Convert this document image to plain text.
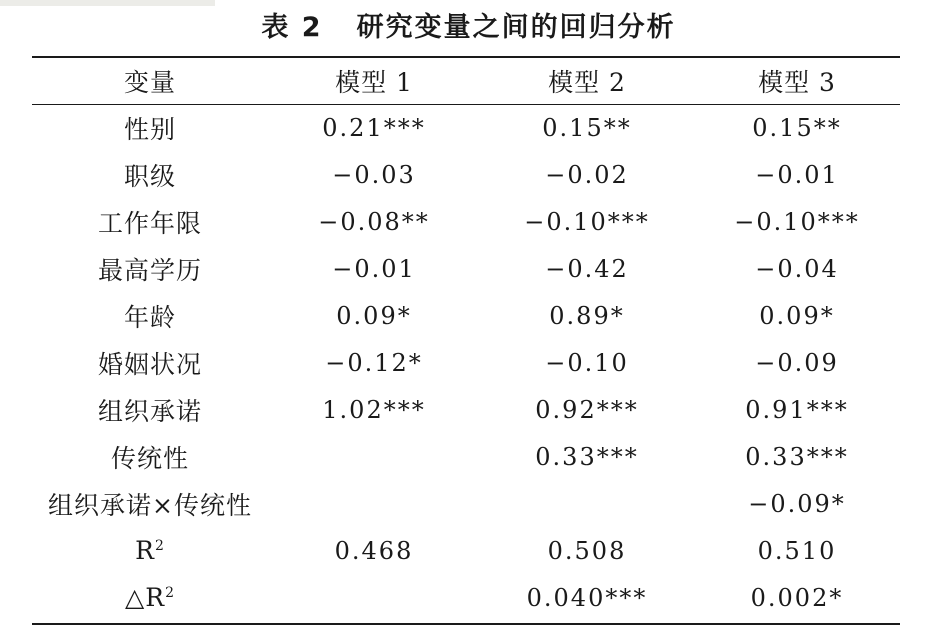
表 2 研究变量之间的回归分析
变量	模型 1	模型 2	模型 3
性别	0.21***	0.15**	0.15**
职级	−0.03	−0.02	−0.01
工作年限	−0.08**	−0.10***	−0.10***
最高学历	−0.01	−0.42	−0.04
年龄	0.09*	0.89*	0.09*
婚姻状况	−0.12*	−0.10	−0.09
组织承诺	1.02***	0.92***	0.91***
传统性		0.33***	0.33***
组织承诺×传统性			−0.09*
$R^2$	0.468	0.508	0.510
$\triangle R^2$		0.040***	0.002*
